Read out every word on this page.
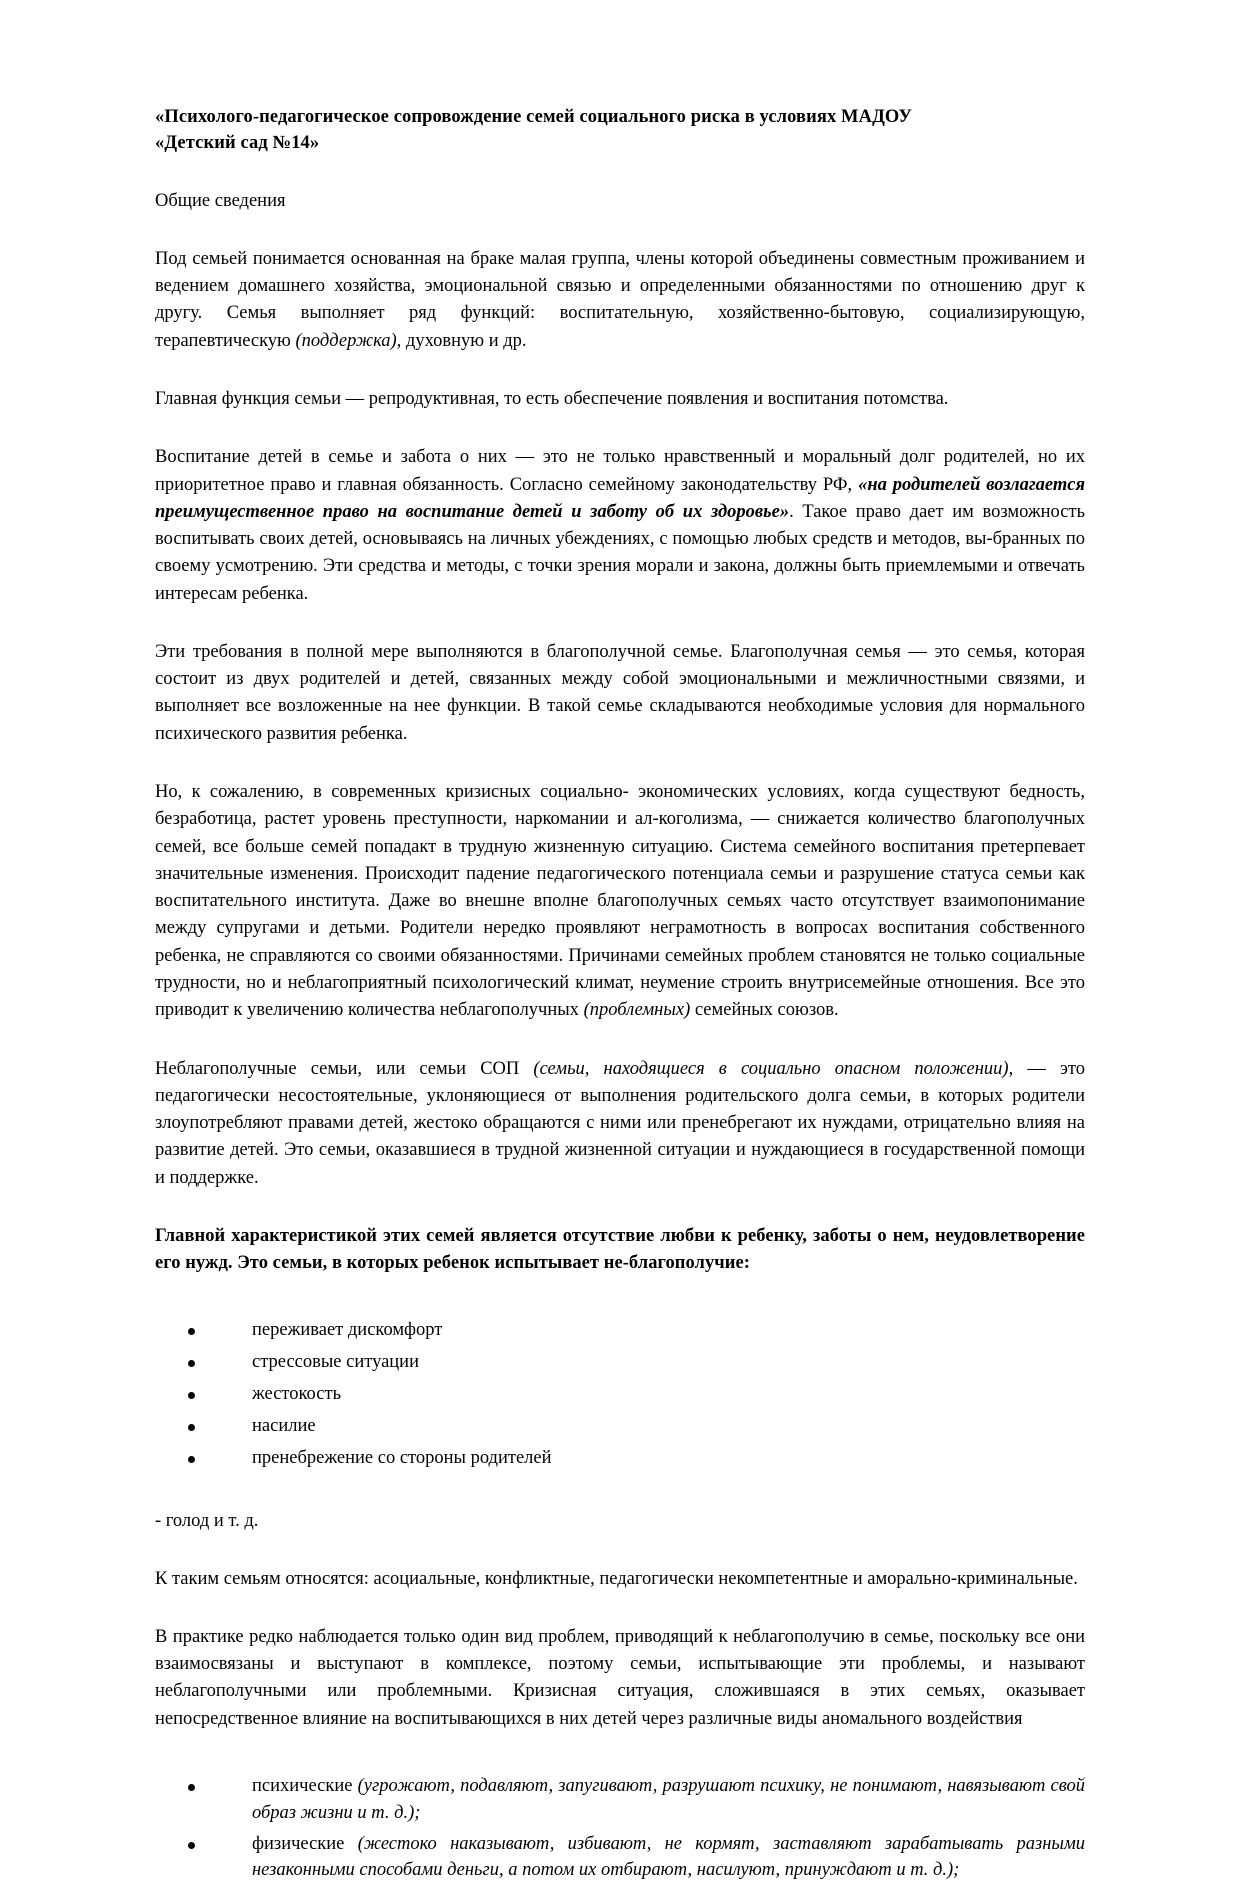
«Психолого-педагогическое сопровождение семей социального риска в условиях МАДОУ
«Детский сад №14»

Общие сведения

Под семьей понимается основанная на браке малая группа, члены которой объединены совместным проживанием и ведением домашнего хозяйства, эмоциональной связью и определенными обязанностями по отношению друг к другу. Семья выполняет ряд функций: воспитательную, хозяйственно-бытовую, социализирующую, терапевтическую (поддержка), духовную и др.

Главная функция семьи — репродуктивная, то есть обеспечение появления и воспитания потомства.

Воспитание детей в семье и забота о них — это не только нравственный и моральный долг родителей, но их приоритетное право и главная обязанность. Согласно семейному законодательству РФ, «на родителей возлагается преимущественное право на воспитание детей и заботу об их здоровье». Такое право дает им возможность воспитывать своих детей, основываясь на личных убеждениях, с помощью любых средств и методов, вы-бранных по своему усмотрению. Эти средства и методы, с точки зрения морали и закона, должны быть приемлемыми и отвечать интересам ребенка.

Эти требования в полной мере выполняются в благополучной семье. Благополучная семья — это семья, которая состоит из двух родителей и детей, связанных между собой эмоциональными и межличностными связями, и выполняет все возложенные на нее функции. В такой семье складываются необходимые условия для нормального психического развития ребенка.

Но, к сожалению, в современных кризисных социально- экономических условиях, когда существуют бедность, безработица, растет уровень преступности, наркомании и ал-коголизма, — снижается количество благополучных семей, все больше семей попадакт в трудную жизненную ситуацию. Система семейного воспитания претерпевает значительные изменения. Происходит падение педагогического потенциала семьи и разрушение статуса семьи как воспитательного института. Даже во внешне вполне благополучных семьях часто отсутствует взаимопонимание между супругами и детьми. Родители нередко проявляют неграмотность в вопросах воспитания собственного ребенка, не справляются со своими обязанностями. Причинами семейных проблем становятся не только социальные трудности, но и неблагоприятный психологический климат, неумение строить внутрисемейные отношения. Все это приводит к увеличению количества неблагополучных (проблемных) семейных союзов.

Неблагополучные семьи, или семьи СОП (семьи, находящиеся в социально опасном положении), — это педагогически несостоятельные, уклоняющиеся от выполнения родительского долга семьи, в которых родители злоупотребляют правами детей, жестоко обращаются с ними или пренебрегают их нуждами, отрицательно влияя на развитие детей. Это семьи, оказавшиеся в трудной жизненной ситуации и нуждающиеся в государственной помощи и поддержке.

Главной характеристикой этих семей является отсутствие любви к ребенку, заботы о нем, неудовлетворение его нужд. Это семьи, в которых ребенок испытывает не-благополучие:

переживает дискомфорт
стрессовые ситуации
жестокость
насилие
пренебрежение со стороны родителей

- голод и т. д.

К таким семьям относятся: асоциальные, конфликтные, педагогически некомпетентные и аморально-криминальные.

В практике редко наблюдается только один вид проблем, приводящий к неблагополучию в семье, поскольку все они взаимосвязаны и выступают в комплексе, поэтому семьи, испытывающие эти проблемы, и называют неблагополучными или проблемными. Кризисная ситуация, сложившаяся в этих семьях, оказывает непосредственное влияние на воспитывающихся в них детей через различные виды аномального воздействия

психические (угрожают, подавляют, запугивают, разрушают психику, не понимают, навязывают свой образ жизни и т. д.);
физические (жестоко наказывают, избивают, не кормят, заставляют зарабатывать разными незаконными способами деньги, а потом их отбирают, насилуют, принуждают и т. д.);
